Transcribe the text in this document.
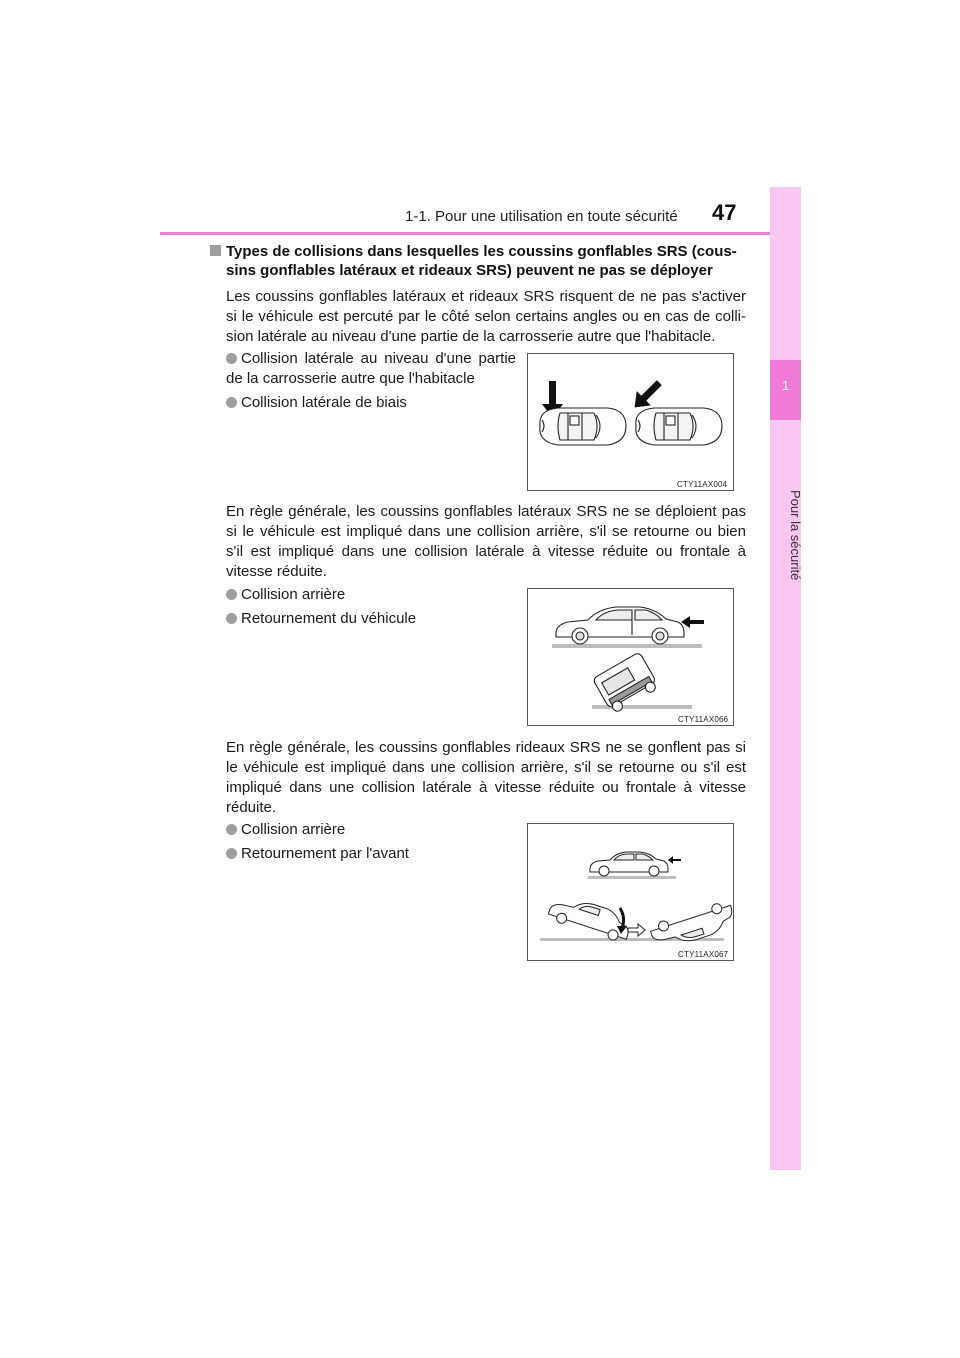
1-1. Pour une utilisation en toute sécurité 47
1
Pour la sécurité
Types de collisions dans lesquelles les coussins gonflables SRS (cous-
sins gonflables latéraux et rideaux SRS) peuvent ne pas se déployer
Les coussins gonflables latéraux et rideaux SRS risquent de ne pas s'activer si le véhicule est percuté par le côté selon certains angles ou en cas de colli-sion latérale au niveau d'une partie de la carrosserie autre que l'habitacle.
Collision latérale au niveau d'une partie de la carrosserie autre que l'habitacle
Collision latérale de biais
CTY11AX004
En règle générale, les coussins gonflables latéraux SRS ne se déploient pas si le véhicule est impliqué dans une collision arrière, s'il se retourne ou bien s'il est impliqué dans une collision latérale à vitesse réduite ou frontale à vitesse réduite.
Collision arrière
Retournement du véhicule
CTY11AX066
En règle générale, les coussins gonflables rideaux SRS ne se gonflent pas si le véhicule est impliqué dans une collision arrière, s'il se retourne ou s'il est impliqué dans une collision latérale à vitesse réduite ou frontale à vitesse réduite.
Collision arrière
Retournement par l'avant
CTY11AX067
